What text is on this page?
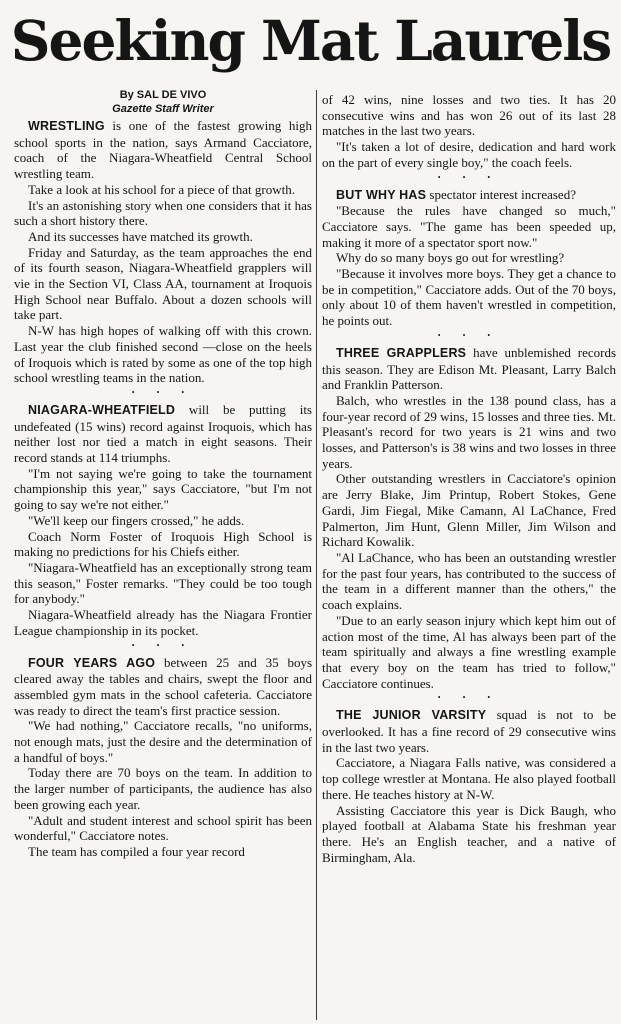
Seeking Mat Laurels
By SAL DE VIVO
Gazette Staff Writer

WRESTLING is one of the fastest growing high school sports in the nation, says Armand Cacciatore, coach of the Niagara-Wheatfield Central School wrestling team.

Take a look at his school for a piece of that growth.

It's an astonishing story when one considers that it has such a short history there.

And its successes have matched its growth.

Friday and Saturday, as the team approaches the end of its fourth season, Niagara-Wheatfield grapplers will vie in the Section VI, Class AA, tournament at Iroquois High School near Buffalo. About a dozen schools will take part.

N-W has high hopes of walking off with this crown. Last year the club finished second —close on the heels of Iroquois which is rated by some as one of the top high school wrestling teams in the nation.

• • •

NIAGARA-WHEATFIELD will be putting its undefeated (15 wins) record against Iroquois, which has neither lost nor tied a match in eight seasons. Their record stands at 114 triumphs.

"I'm not saying we're going to take the tournament championship this year," says Cacciatore, "but I'm not going to say we're not either."

"We'll keep our fingers crossed," he adds.

Coach Norm Foster of Iroquois High School is making no predictions for his Chiefs either.

"Niagara-Wheatfield has an exceptionally strong team this season," Foster remarks. "They could be too tough for anybody."

Niagara-Wheatfield already has the Niagara Frontier League championship in its pocket.

• • •

FOUR YEARS AGO between 25 and 35 boys cleared away the tables and chairs, swept the floor and assembled gym mats in the school cafeteria. Cacciatore was ready to direct the team's first practice session.

"We had nothing," Cacciatore recalls, "no uniforms, not enough mats, just the desire and the determination of a handful of boys."

Today there are 70 boys on the team. In addition to the larger number of participants, the audience has also been growing each year.

"Adult and student interest and school spirit has been wonderful," Cacciatore notes.

The team has compiled a four year record

of 42 wins, nine losses and two ties. It has 20 consecutive wins and has won 26 out of its last 28 matches in the last two years.

"It's taken a lot of desire, dedication and hard work on the part of every single boy," the coach feels.

• • •

BUT WHY HAS spectator interest increased?

"Because the rules have changed so much," Cacciatore says. "The game has been speeded up, making it more of a spectator sport now."

Why do so many boys go out for wrestling?

"Because it involves more boys. They get a chance to be in competition," Cacciatore adds. Out of the 70 boys, only about 10 of them haven't wrestled in competition, he points out.

• • •

THREE GRAPPLERS have unblemished records this season. They are Edison Mt. Pleasant, Larry Balch and Franklin Patterson.

Balch, who wrestles in the 138 pound class, has a four-year record of 29 wins, 15 losses and three ties. Mt. Pleasant's record for two years is 21 wins and two losses, and Patterson's is 38 wins and two losses in three years.

Other outstanding wrestlers in Cacciatore's opinion are Jerry Blake, Jim Printup, Robert Stokes, Gene Gardi, Jim Fiegal, Mike Camann, Al LaChance, Fred Palmerton, Jim Hunt, Glenn Miller, Jim Wilson and Richard Kowalik.

"Al LaChance, who has been an outstanding wrestler for the past four years, has contributed to the success of the team in a different manner than the others," the coach explains.

"Due to an early season injury which kept him out of action most of the time, Al has always been part of the team spiritually and always a fine wrestling example that every boy on the team has tried to follow," Cacciatore continues.

• • •

THE JUNIOR VARSITY squad is not to be overlooked. It has a fine record of 29 consecutive wins in the last two years.

Cacciatore, a Niagara Falls native, was considered a top college wrestler at Montana. He also played football there. He teaches history at N-W.

Assisting Cacciatore this year is Dick Baugh, who played football at Alabama State his freshman year there. He's an English teacher, and a native of Birmingham, Ala.
